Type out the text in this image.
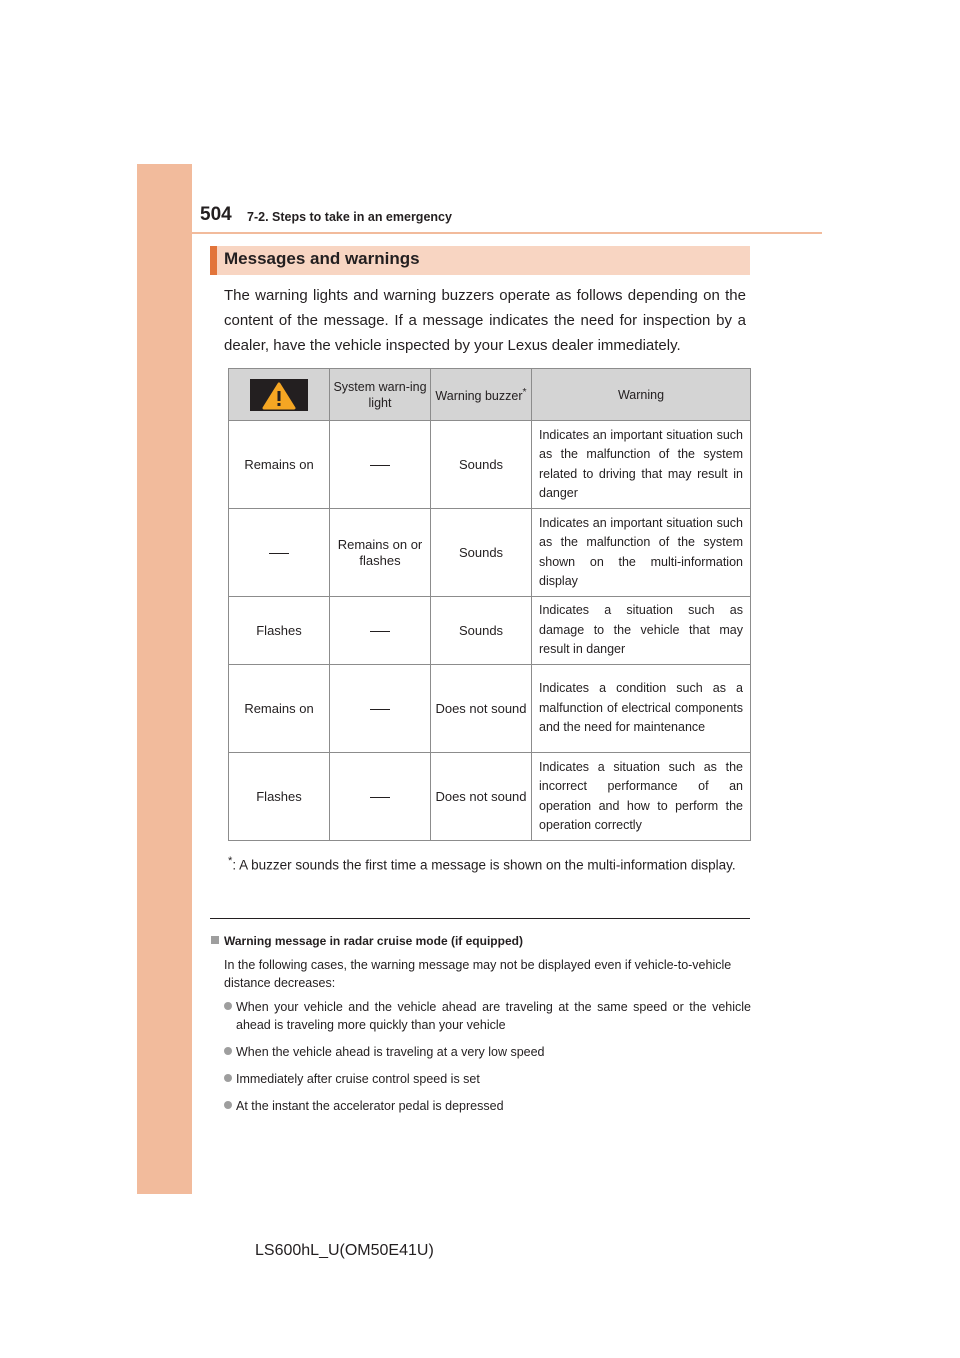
504 7-2. Steps to take in an emergency
Messages and warnings
The warning lights and warning buzzers operate as follows depending on the content of the message. If a message indicates the need for inspection by a dealer, have the vehicle inspected by your Lexus dealer immediately.
	System warn-ing light	Warning buzzer*	Warning
Remains on		Sounds	Indicates an important situation such as the malfunction of the system related to driving that may result in danger
	Remains on or flashes	Sounds	Indicates an important situation such as the malfunction of the system shown on the multi-information display
Flashes		Sounds	Indicates a situation such as damage to the vehicle that may result in danger
Remains on		Does not sound	Indicates a condition such as a malfunction of electrical components and the need for maintenance
Flashes		Does not sound	Indicates a situation such as the incorrect performance of an operation and how to perform the operation correctly
*: A buzzer sounds the first time a message is shown on the multi-information display.
Warning message in radar cruise mode (if equipped)
In the following cases, the warning message may not be displayed even if vehicle-to-vehicle distance decreases:
When your vehicle and the vehicle ahead are traveling at the same speed or the vehicle ahead is traveling more quickly than your vehicle
When the vehicle ahead is traveling at a very low speed
Immediately after cruise control speed is set
At the instant the accelerator pedal is depressed
LS600hL_U(OM50E41U)
